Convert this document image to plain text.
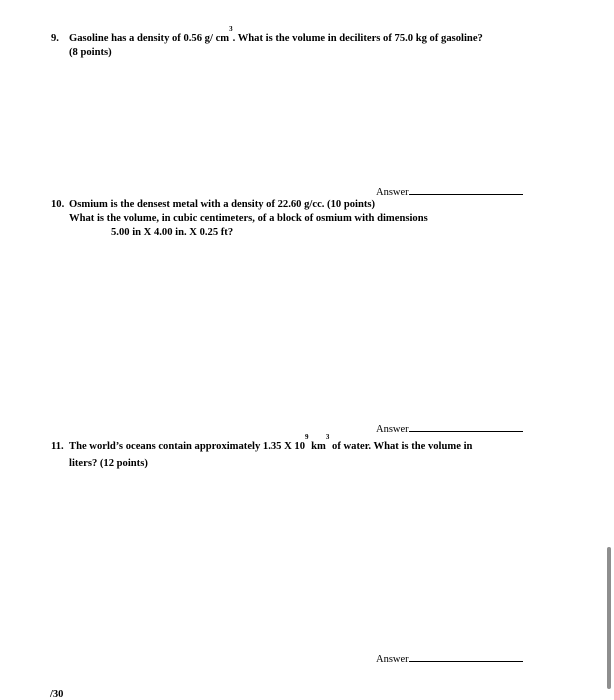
9. Gasoline has a density of 0.56 g/ $cm^3$. What is the volume in deciliters of 75.0 kg of gasoline?
(8 points)
Answer
10. Osmium is the densest metal with a density of 22.60 g/cc. (10 points)
What is the volume, in cubic centimeters, of a block of osmium with dimensions
5.00 in X 4.00 in. X 0.25 ft?
Answer
11. The world’s oceans contain approximately 1.35 X $10^9$ $km^3$ of water. What is the volume in
liters? (12 points)
Answer
/30
